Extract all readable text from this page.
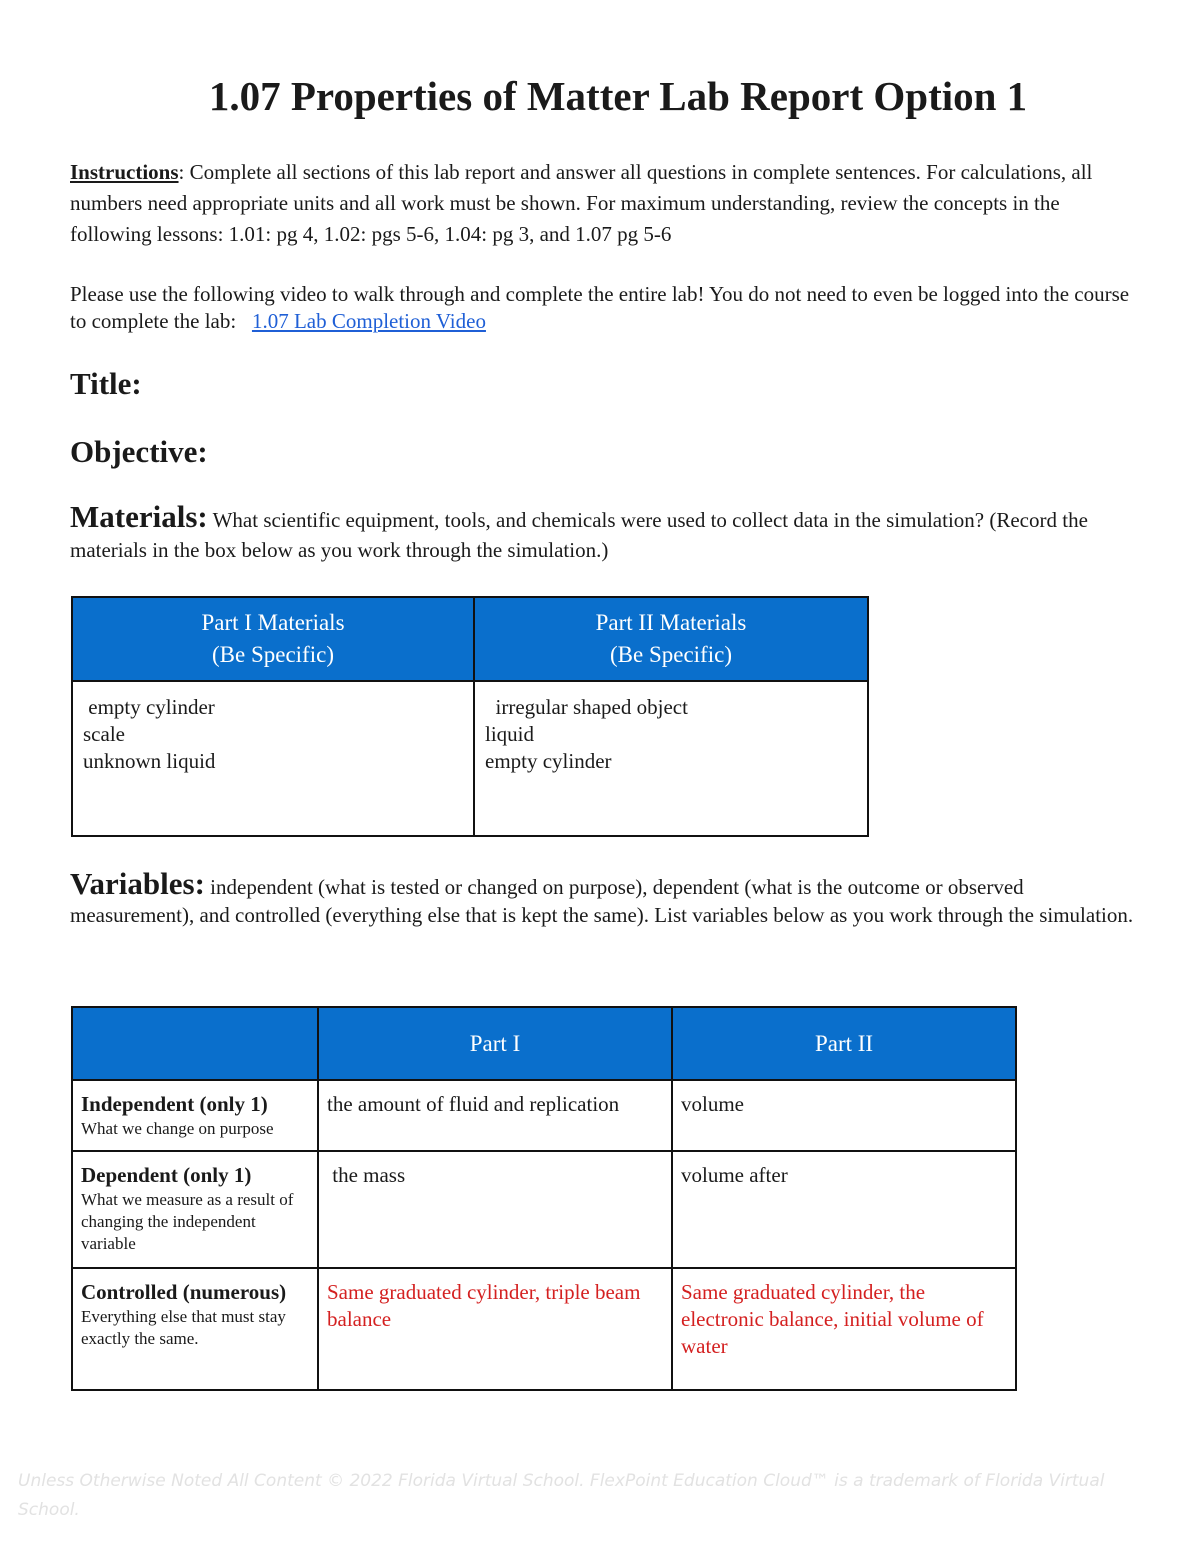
1.07 Properties of Matter Lab Report Option 1

Instructions: Complete all sections of this lab report and answer all questions in complete sentences. For calculations, all numbers need appropriate units and all work must be shown. For maximum understanding, review the concepts in the following lessons: 1.01: pg 4, 1.02: pgs 5-6, 1.04: pg 3, and 1.07 pg 5-6

Please use the following video to walk through and complete the entire lab! You do not need to even be logged into the course to complete the lab: 1.07 Lab Completion Video

Title:
Objective:

Materials: What scientific equipment, tools, and chemicals were used to collect data in the simulation? (Record the materials in the box below as you work through the simulation.)

Part I Materials
(Be Specific)	Part II Materials
(Be Specific)
empty cylinder
scale
unknown liquid	irregular shaped object
liquid
empty cylinder

Variables: independent (what is tested or changed on purpose), dependent (what is the outcome or observed measurement), and controlled (everything else that is kept the same). List variables below as you work through the simulation.

	Part I	Part II

Independent (only 1)
What we change on purpose	the amount of fluid and replication	volume

Dependent (only 1)
What we measure as a result of changing the independent variable	the mass	volume after

Controlled (numerous)
Everything else that must stay exactly the same.	Same graduated cylinder, triple beam balance	Same graduated cylinder, the electronic balance, initial volume of water
Unless Otherwise Noted All Content © 2022 Florida Virtual School. FlexPoint Education Cloud™ is a trademark of Florida Virtual School.
